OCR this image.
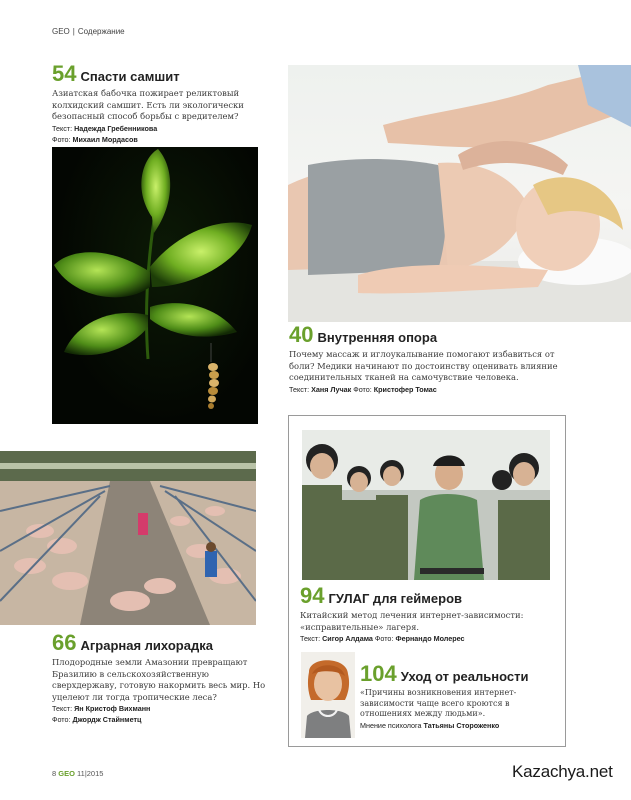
GEO | Содержание
54 Спасти самшит
Азиатская бабочка пожирает реликтовый колхидский самшит. Есть ли экологически безопасный способ борьбы с вредителем?
Текст: Надежда Гребенникова
Фото: Михаил Мордасов
40 Внутренняя опора
Почему массаж и иглоукалывание помогают избавиться от боли? Медики начинают по достоинству оценивать влияние соединительных тканей на самочувствие человека.
Текст: Ханя Лучак Фото: Кристофер Томас
66 Аграрная лихорадка
Плодородные земли Амазонии превращают Бразилию в сельскохозяйственную сверхдержаву, готовую накормить весь мир. Но уцелеют ли тогда тропические леса?
Текст: Ян Кристоф Вихманн
Фото: Джордж Стайнметц
94 ГУЛАГ для геймеров
Китайский метод лечения интернет-зависимости: «исправительные» лагеря.
Текст: Сигор Алдама Фото: Фернандо Молерес
104 Уход от реальности
«Причины возникновения интернет-зависимости чаще всего кроются в отношениях между людьми».
Мнение психолога Татьяны Стороженко
8 GEO 11|2015	Kazachya.net
